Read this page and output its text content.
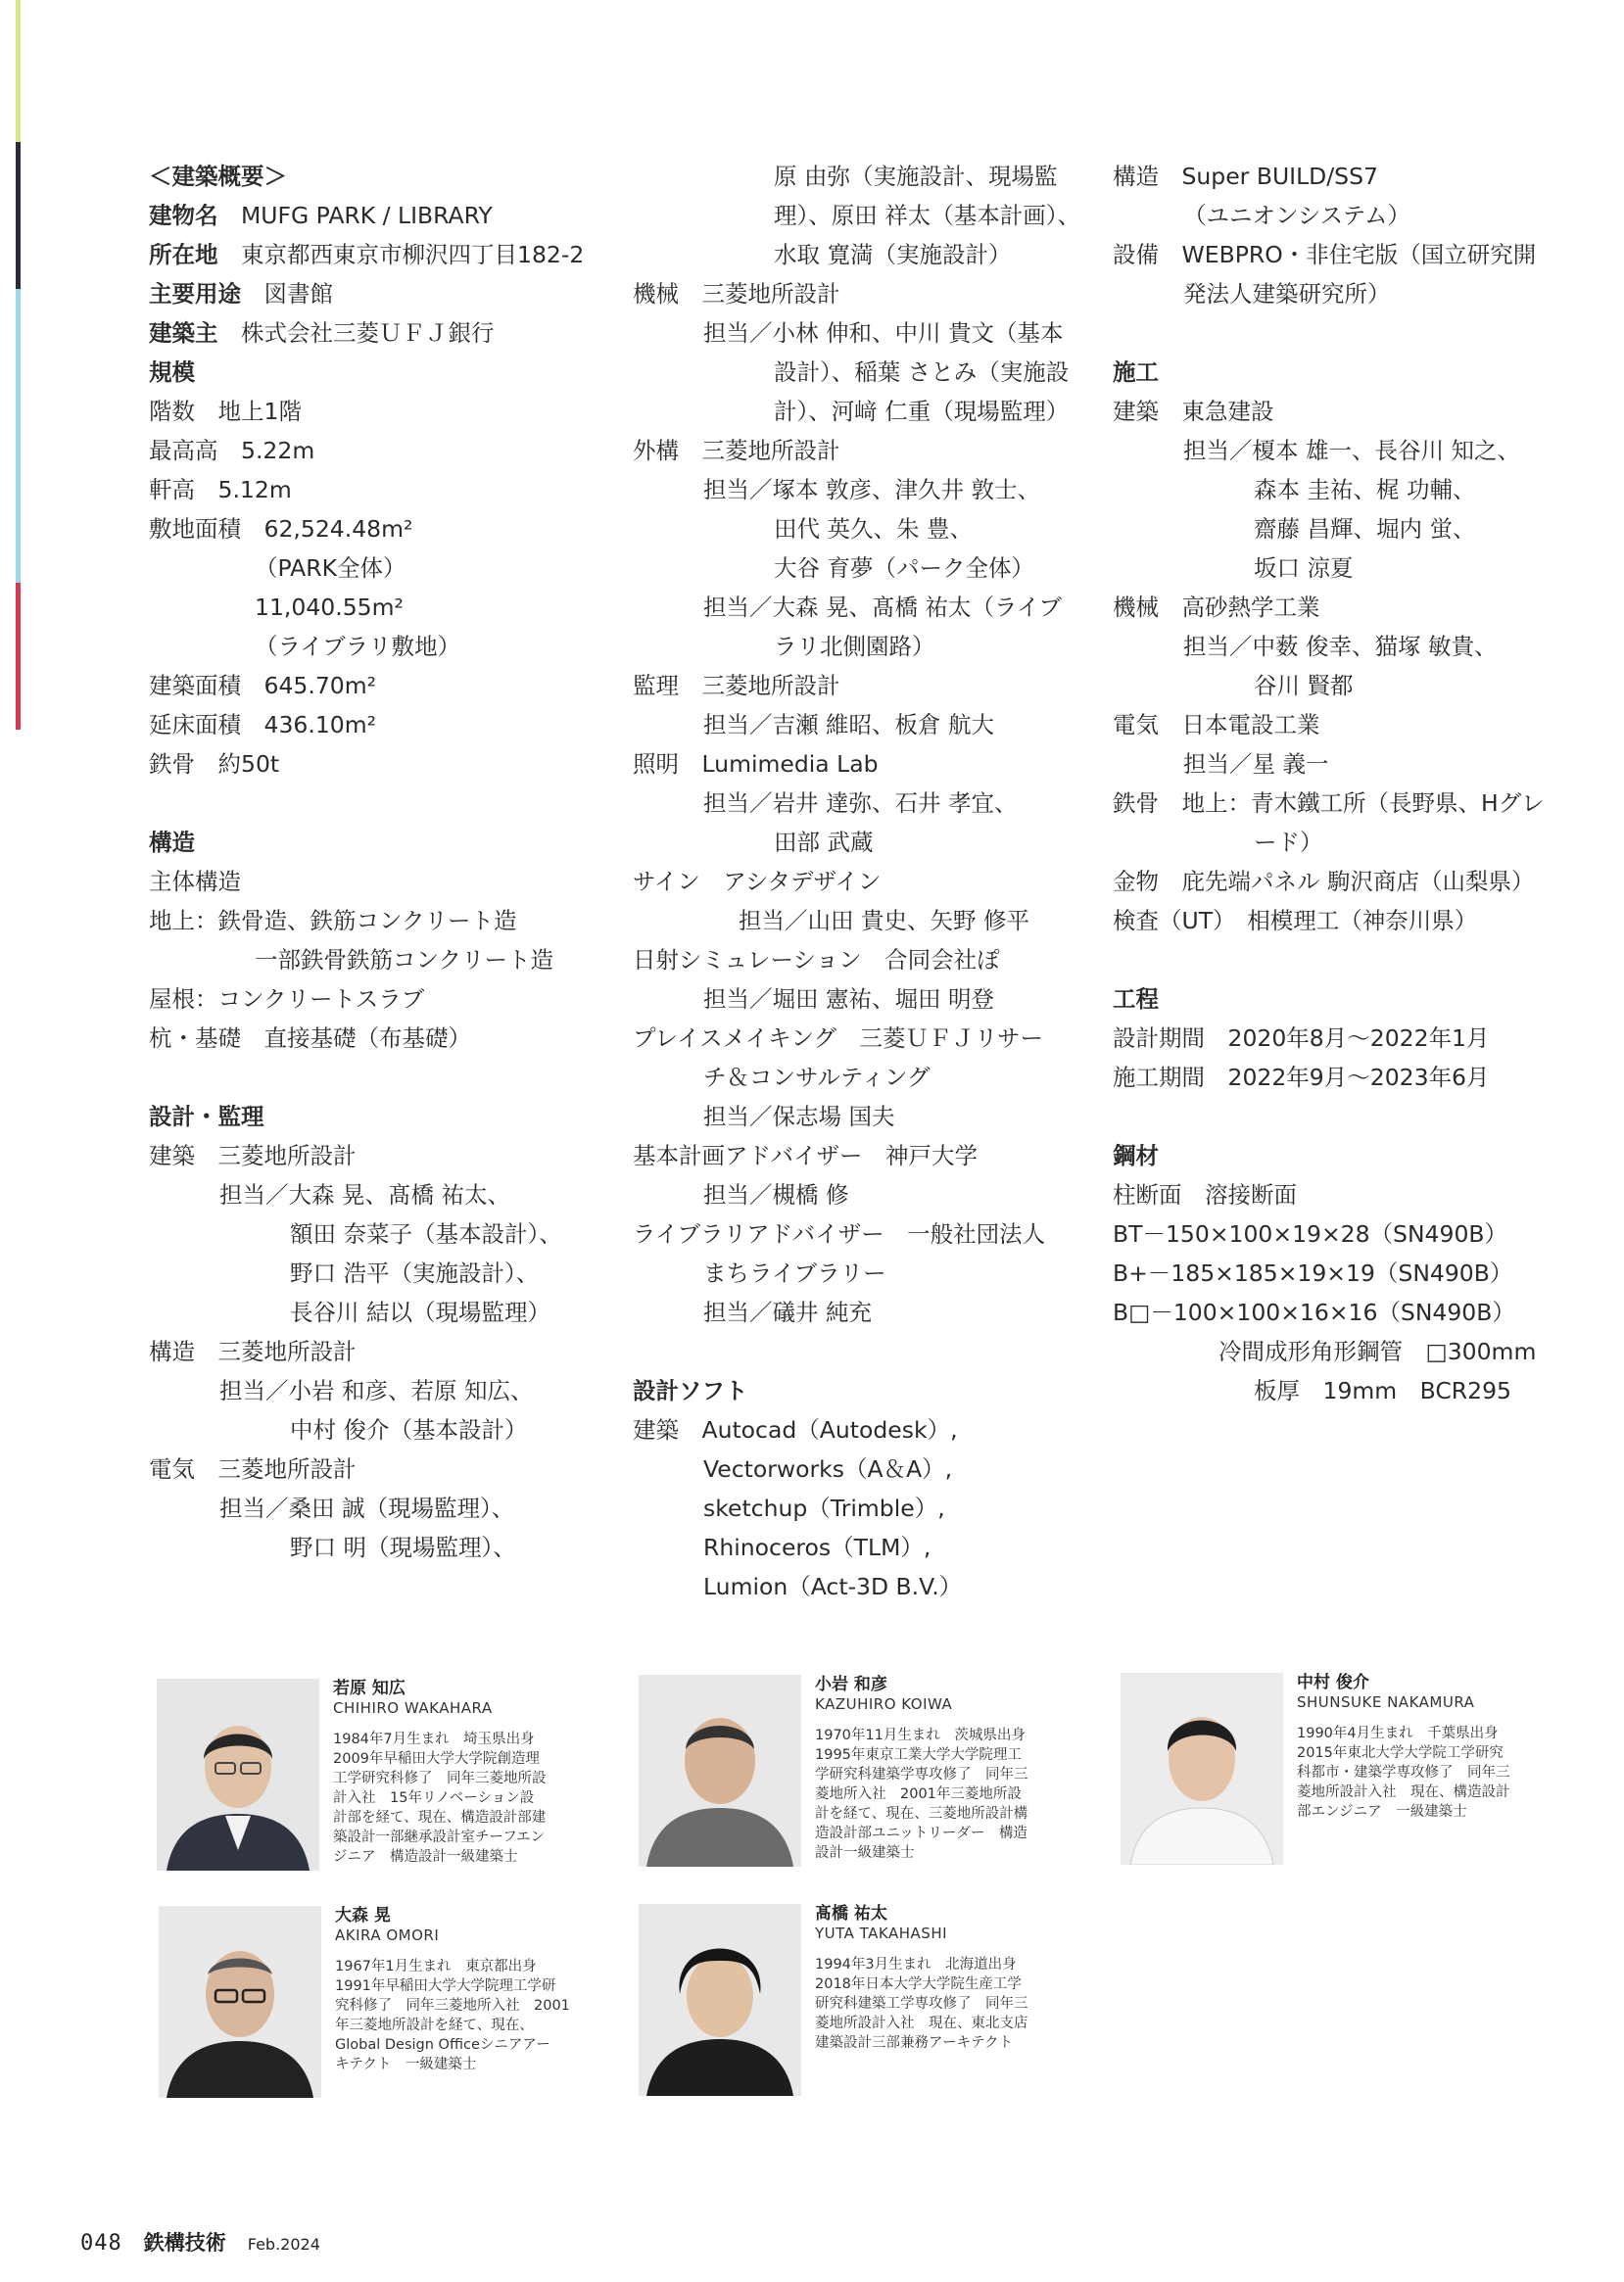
＜建築概要＞
建物名　MUFG PARK / LIBRARY
所在地　東京都西東京市柳沢四丁目182-2
主要用途　図書館
建築主　株式会社三菱ＵＦＪ銀行
規模
階数　地上1階
最高高　5.22m
軒高　5.12m
敷地面積　62,524.48m²
（PARK全体）
11,040.55m²
（ライブラリ敷地）
建築面積　645.70m²
延床面積　436.10m²
鉄骨　約50t
構造
主体構造
地上：鉄骨造、鉄筋コンクリート造
一部鉄骨鉄筋コンクリート造
屋根：コンクリートスラブ
杭・基礎　直接基礎（布基礎）
設計・監理
建築　三菱地所設計
担当／大森 晃、髙橋 祐太、
額田 奈菜子（基本設計）、
野口 浩平（実施設計）、
長谷川 結以（現場監理）
構造　三菱地所設計
担当／小岩 和彦、若原 知広、
中村 俊介（基本設計）
電気　三菱地所設計
担当／桑田 誠（現場監理）、
野口 明（現場監理）、
原 由弥（実施設計、現場監
理）、原田 祥太（基本計画）、
水取 寛満（実施設計）
機械　三菱地所設計
担当／小林 伸和、中川 貴文（基本
設計）、稲葉 さとみ（実施設
計）、河﨑 仁重（現場監理）
外構　三菱地所設計
担当／塚本 敦彦、津久井 敦士、
田代 英久、朱 豊、
大谷 育夢（パーク全体）
担当／大森 晃、髙橋 祐太（ライブ
ラリ北側園路）
監理　三菱地所設計
担当／吉瀬 維昭、板倉 航大
照明　Lumimedia Lab
担当／岩井 達弥、石井 孝宜、
田部 武蔵
サイン　アシタデザイン
担当／山田 貴史、矢野 修平
日射シミュレーション　合同会社ぽ
担当／堀田 憲祐、堀田 明登
プレイスメイキング　三菱ＵＦＪリサー
チ＆コンサルティング
担当／保志場 国夫
基本計画アドバイザー　神戸大学
担当／槻橋 修
ライブラリアドバイザー　一般社団法人
まちライブラリー
担当／礒井 純充
設計ソフト
建築　Autocad（Autodesk）,
Vectorworks（A＆A）,
sketchup（Trimble）,
Rhinoceros（TLM）,
Lumion（Act-3D B.V.）
構造　Super BUILD/SS7
（ユニオンシステム）
設備　WEBPRO・非住宅版（国立研究開
発法人建築研究所）
施工
建築　東急建設
担当／榎本 雄一、長谷川 知之、
森本 圭祐、梶 功輔、
齋藤 昌輝、堀内 蛍、
坂口 涼夏
機械　高砂熱学工業
担当／中薮 俊幸、猫塚 敏貴、
谷川 賢都
電気　日本電設工業
担当／星 義一
鉄骨　地上：青木鐵工所（長野県、Hグレ
ード）
金物　庇先端パネル 駒沢商店（山梨県）
検査（UT）　相模理工（神奈川県）
工程
設計期間　2020年8月～2022年1月
施工期間　2022年9月～2023年6月
鋼材
柱断面　溶接断面
BT－150×100×19×28（SN490B）
B+－185×185×19×19（SN490B）
B□－100×100×16×16（SN490B）
冷間成形角形鋼管　□300mm
板厚　19mm　BCR295
若原 知広
CHIHIRO WAKAHARA
1984年7月生まれ　埼玉県出身
2009年早稲田大学大学院創造理
工学研究科修了　同年三菱地所設
計入社　15年リノベーション設
計部を経て、現在、構造設計部建
築設計一部継承設計室チーフエン
ジニア　構造設計一級建築士
小岩 和彦
KAZUHIRO KOIWA
1970年11月生まれ　茨城県出身
1995年東京工業大学大学院理工
学研究科建築学専攻修了　同年三
菱地所入社　2001年三菱地所設
計を経て、現在、三菱地所設計構
造設計部ユニットリーダー　構造
設計一級建築士
中村 俊介
SHUNSUKE NAKAMURA
1990年4月生まれ　千葉県出身
2015年東北大学大学院工学研究
科都市・建築学専攻修了　同年三
菱地所設計入社　現在、構造設計
部エンジニア　一級建築士
大森 晃
AKIRA OMORI
1967年1月生まれ　東京都出身
1991年早稲田大学大学院理工学研
究科修了　同年三菱地所入社　2001
年三菱地所設計を経て、現在、
Global Design Officeシニアアー
キテクト　一級建築士
髙橋 祐太
YUTA TAKAHASHI
1994年3月生まれ　北海道出身
2018年日本大学大学院生産工学
研究科建築工学専攻修了　同年三
菱地所設計入社　現在、東北支店
建築設計三部兼務アーキテクト
048 鉄構技術 Feb.2024
